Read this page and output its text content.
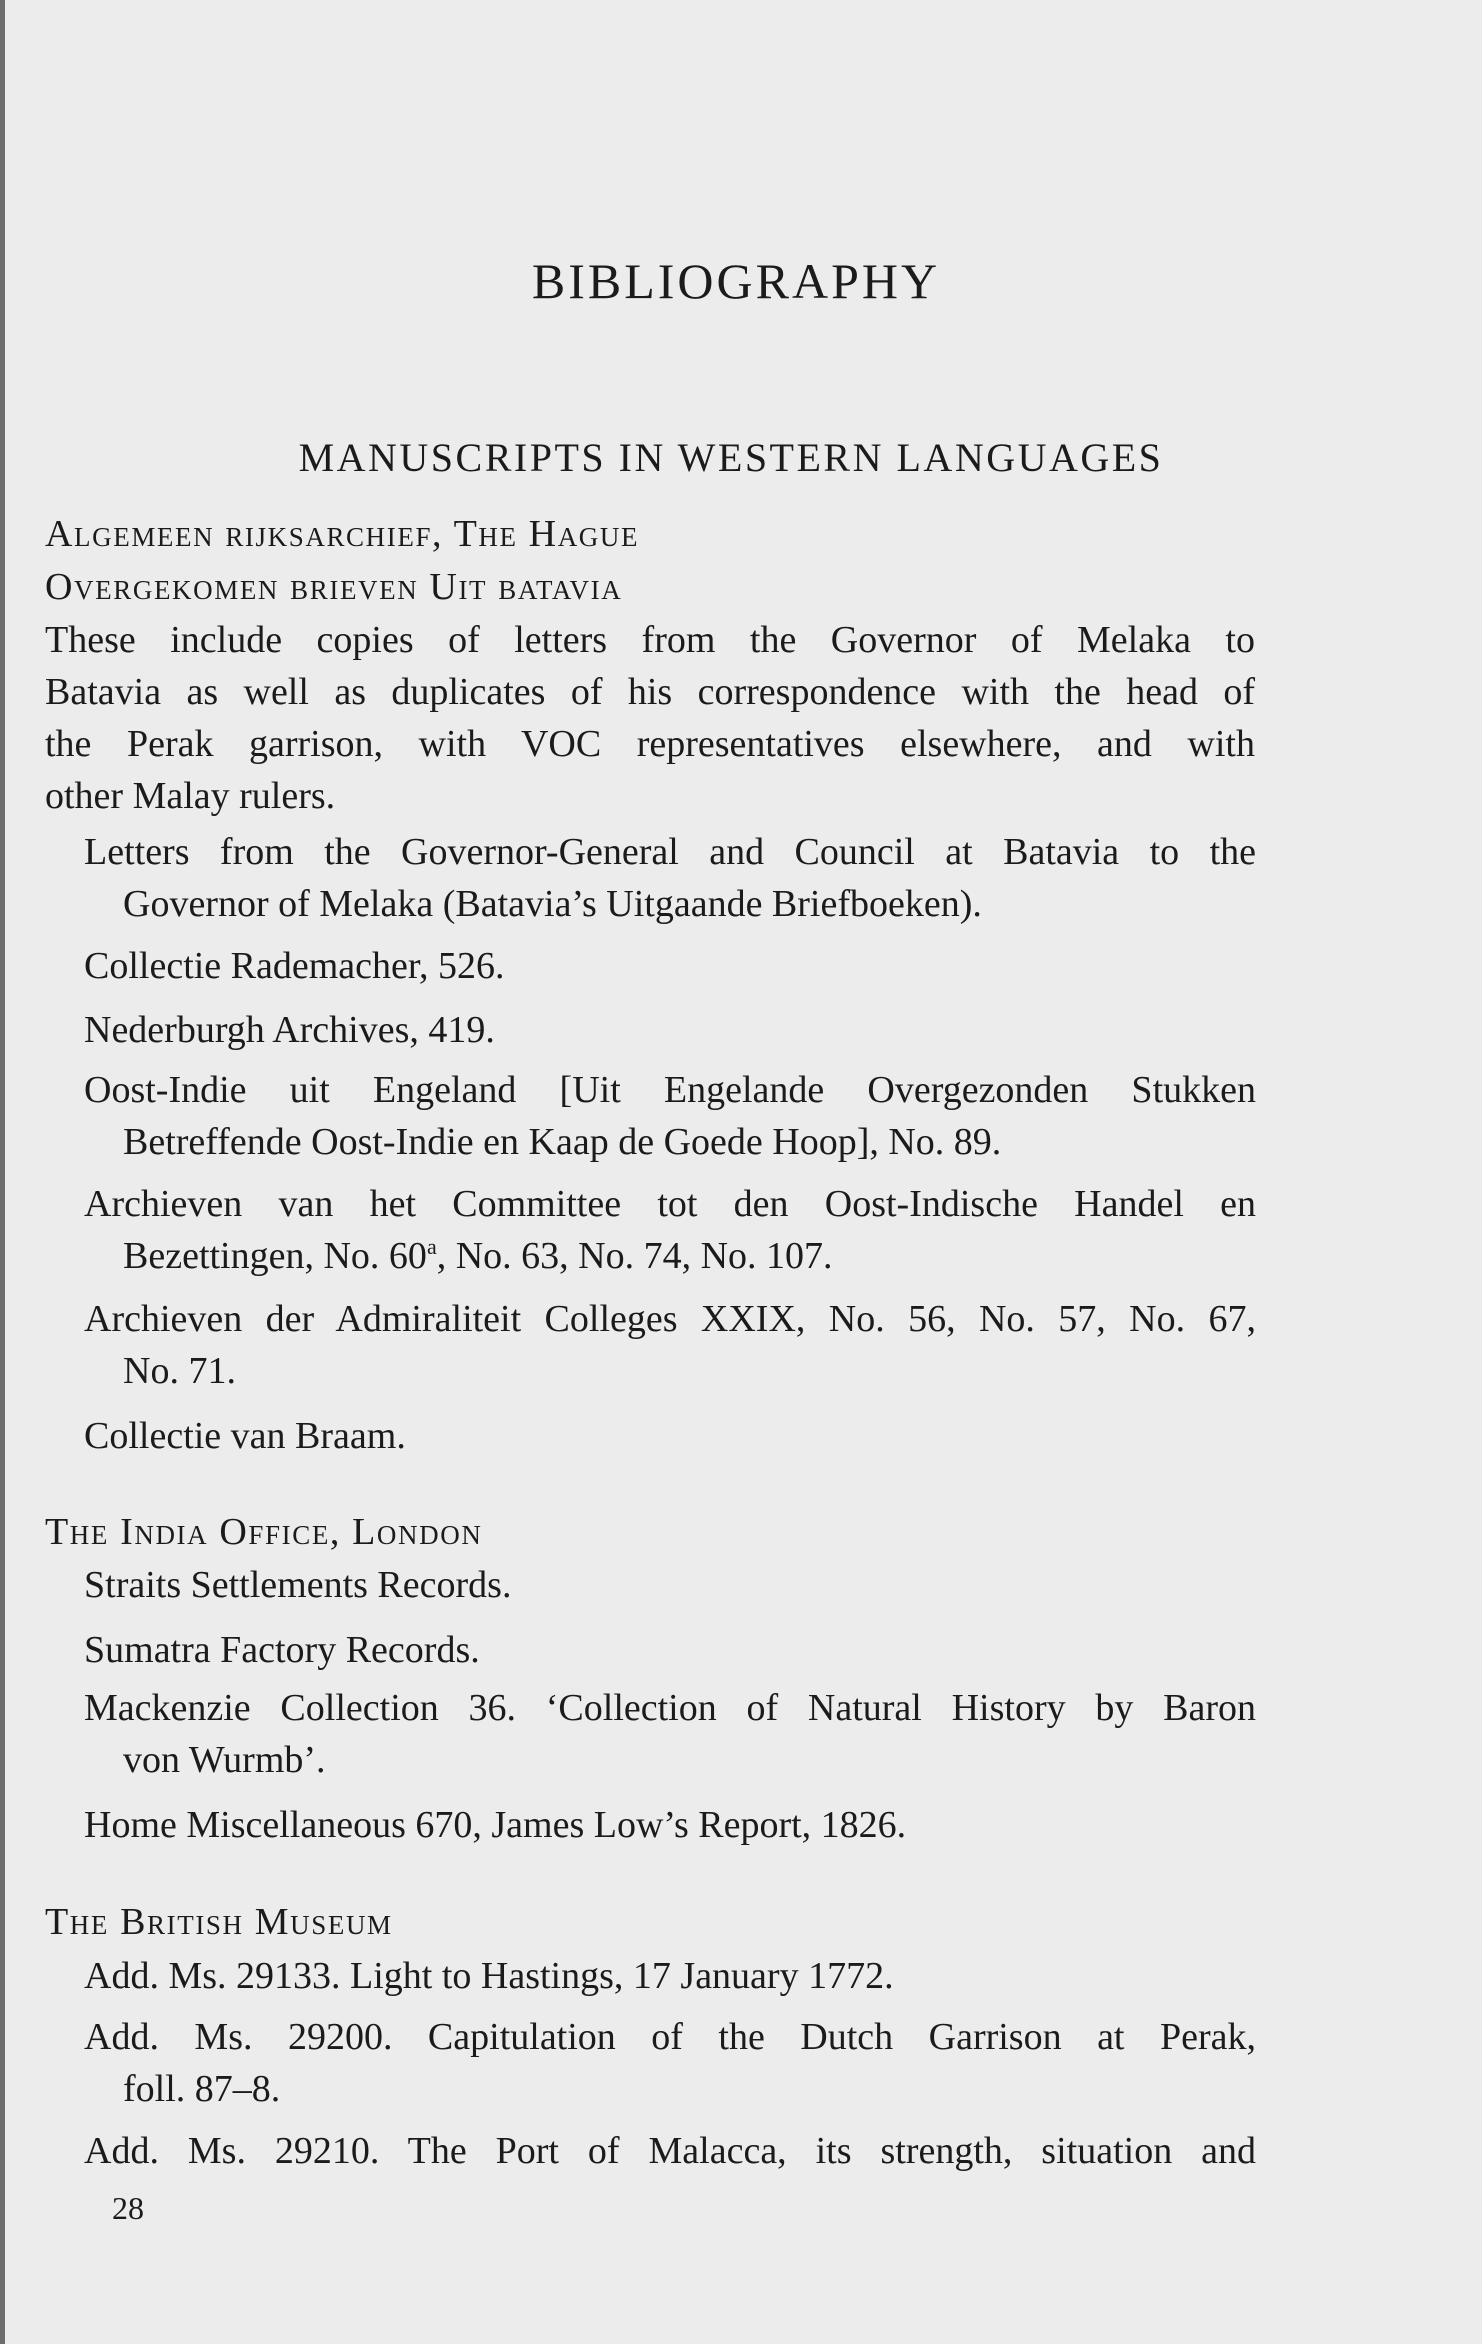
BIBLIOGRAPHY
MANUSCRIPTS IN WESTERN LANGUAGES
Algemeen rijksarchief, The Hague
Overgekomen brieven Uit batavia
These include copies of letters from the Governor of Melaka to
Batavia as well as duplicates of his correspondence with the head of
the Perak garrison, with VOC representatives elsewhere, and with
other Malay rulers.
Letters from the Governor-General and Council at Batavia to the
Governor of Melaka (Batavia’s Uitgaande Briefboeken).
Collectie Rademacher, 526.
Nederburgh Archives, 419.
Oost-Indie uit Engeland [Uit Engelande Overgezonden Stukken
Betreffende Oost-Indie en Kaap de Goede Hoop], No. 89.
Archieven van het Committee tot den Oost-Indische Handel en
Bezettingen, No. 60$^a$, No. 63, No. 74, No. 107.
Archieven der Admiraliteit Colleges XXIX, No. 56, No. 57, No. 67,
No. 71.
Collectie van Braam.
The India Office, London
Straits Settlements Records.
Sumatra Factory Records.
Mackenzie Collection 36. ‘Collection of Natural History by Baron
von Wurmb’.
Home Miscellaneous 670, James Low’s Report, 1826.
The British Museum
Add. Ms. 29133. Light to Hastings, 17 January 1772.
Add. Ms. 29200. Capitulation of the Dutch Garrison at Perak,
foll. 87–8.
Add. Ms. 29210. The Port of Malacca, its strength, situation and
28
